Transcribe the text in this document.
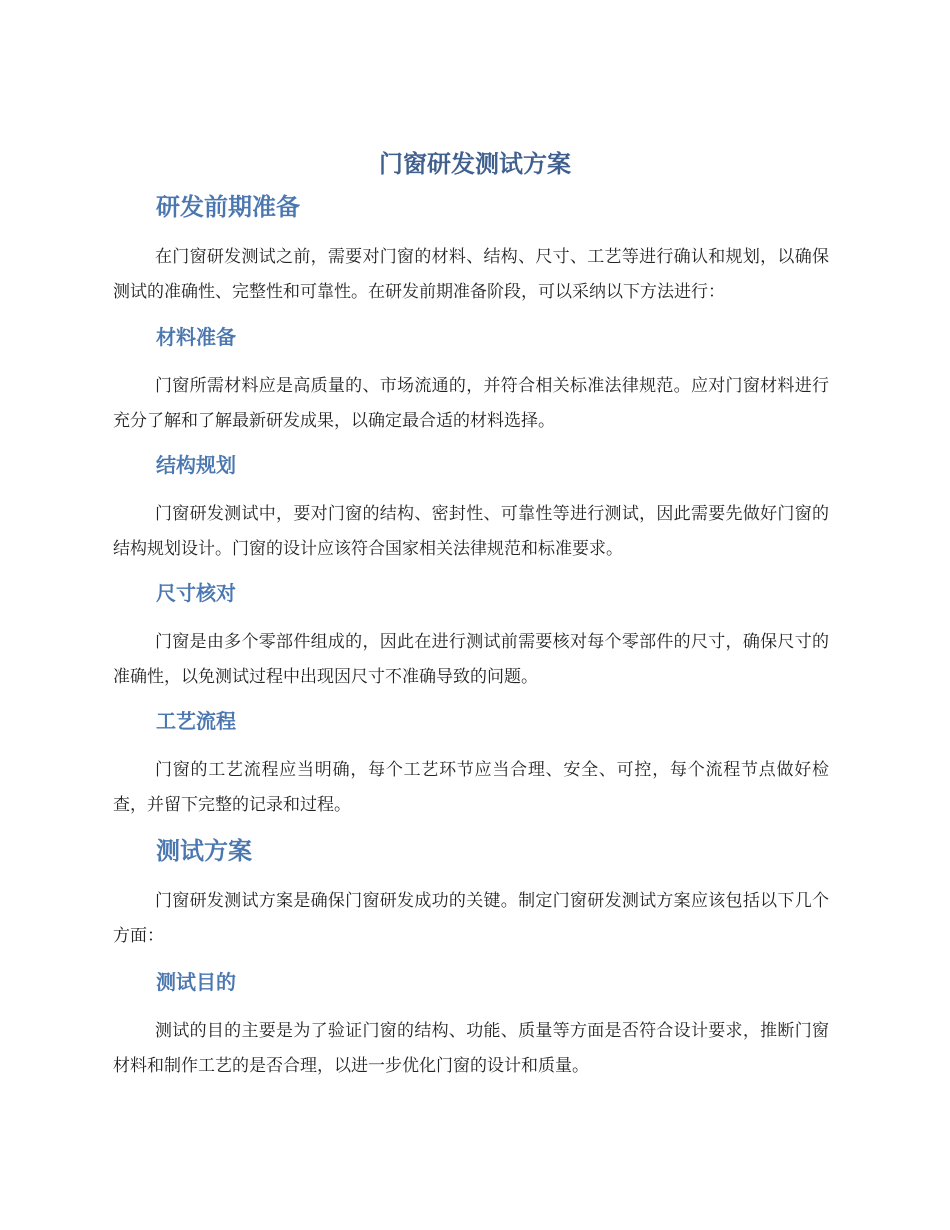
门窗研发测试方案
研发前期准备

在门窗研发测试之前，需要对门窗的材料、结构、尺寸、工艺等进行确认和规划，以确保测试的准确性、完整性和可靠性。在研发前期准备阶段，可以采纳以下方法进行：

材料准备

门窗所需材料应是高质量的、市场流通的，并符合相关标准法律规范。应对门窗材料进行充分了解和了解最新研发成果，以确定最合适的材料选择。

结构规划

门窗研发测试中，要对门窗的结构、密封性、可靠性等进行测试，因此需要先做好门窗的结构规划设计。门窗的设计应该符合国家相关法律规范和标准要求。

尺寸核对

门窗是由多个零部件组成的，因此在进行测试前需要核对每个零部件的尺寸，确保尺寸的准确性，以免测试过程中出现因尺寸不准确导致的问题。

工艺流程

门窗的工艺流程应当明确，每个工艺环节应当合理、安全、可控，每个流程节点做好检查，并留下完整的记录和过程。

测试方案

门窗研发测试方案是确保门窗研发成功的关键。制定门窗研发测试方案应该包括以下几个方面：

测试目的

测试的目的主要是为了验证门窗的结构、功能、质量等方面是否符合设计要求，推断门窗材料和制作工艺的是否合理，以进一步优化门窗的设计和质量。
